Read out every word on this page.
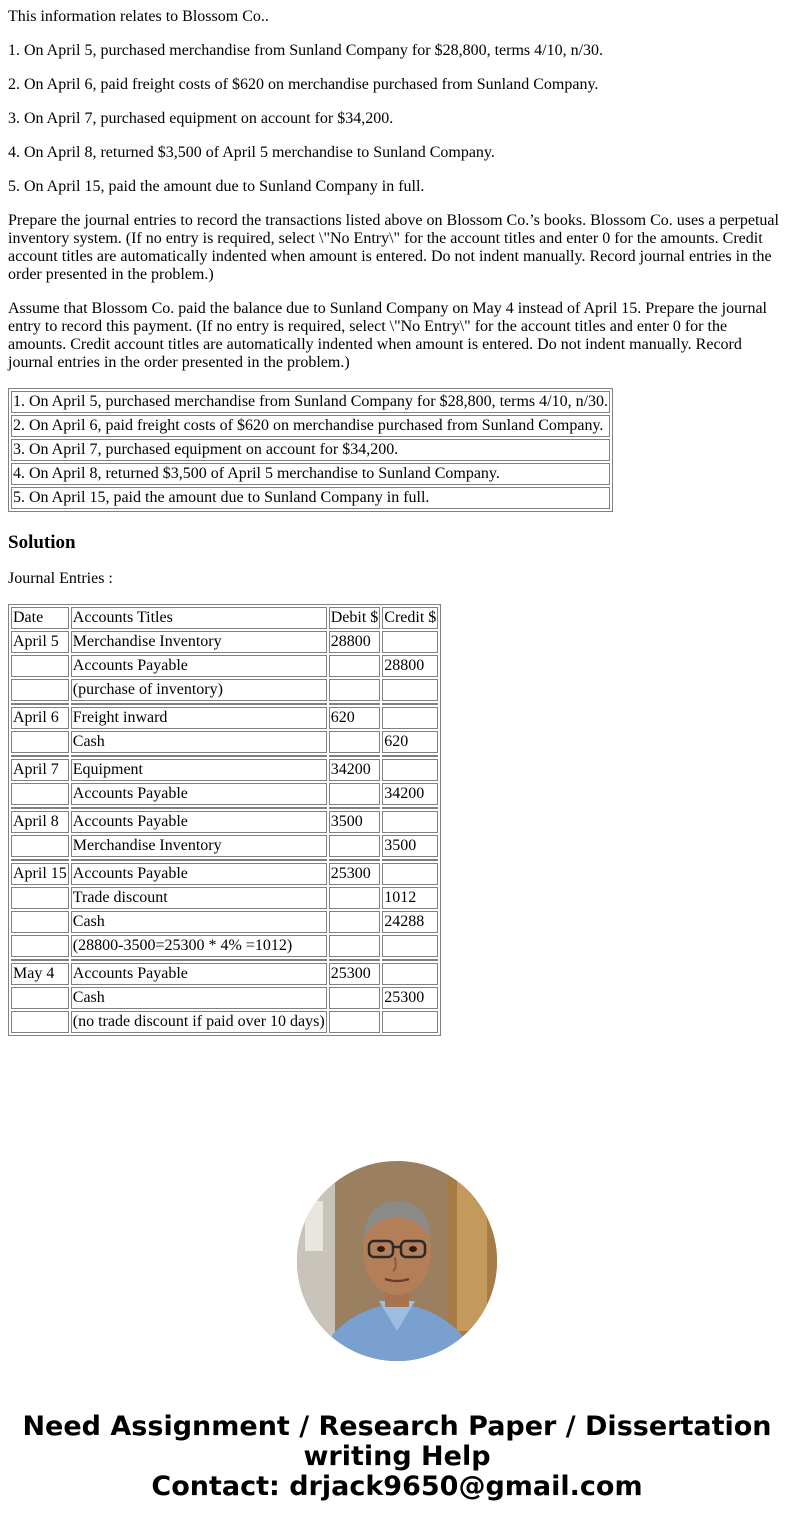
This information relates to Blossom Co..

1. On April 5, purchased merchandise from Sunland Company for $28,800, terms 4/10, n/30.

2. On April 6, paid freight costs of $620 on merchandise purchased from Sunland Company.

3. On April 7, purchased equipment on account for $34,200.

4. On April 8, returned $3,500 of April 5 merchandise to Sunland Company.

5. On April 15, paid the amount due to Sunland Company in full.

Prepare the journal entries to record the transactions listed above on Blossom Co.’s books. Blossom Co. uses a perpetual inventory system. (If no entry is required, select \"No Entry\" for the account titles and enter 0 for the amounts. Credit account titles are automatically indented when amount is entered. Do not indent manually. Record journal entries in the order presented in the problem.)

Assume that Blossom Co. paid the balance due to Sunland Company on May 4 instead of April 15. Prepare the journal entry to record this payment. (If no entry is required, select \"No Entry\" for the account titles and enter 0 for the amounts. Credit account titles are automatically indented when amount is entered. Do not indent manually. Record journal entries in the order presented in the problem.)

1. On April 5, purchased merchandise from Sunland Company for $28,800, terms 4/10, n/30.
2. On April 6, paid freight costs of $620 on merchandise purchased from Sunland Company.
3. On April 7, purchased equipment on account for $34,200.
4. On April 8, returned $3,500 of April 5 merchandise to Sunland Company.
5. On April 15, paid the amount due to Sunland Company in full.
Solution

Journal Entries :

Date	Accounts Titles	Debit $	Credit $
April 5	Merchandise Inventory	28800	
	Accounts Payable		28800
	(purchase of inventory)		

April 6	Freight inward	620	
	Cash		620

April 7	Equipment	34200	
	Accounts Payable		34200

April 8	Accounts Payable	3500	
	Merchandise Inventory		3500

April 15	Accounts Payable	25300	
	Trade discount		1012
	Cash		24288
	(28800-3500=25300 * 4% =1012)		

May 4	Accounts Payable	25300	
	Cash		25300
	(no trade discount if paid over 10 days)		
Need Assignment / Research Paper / Dissertation
writing Help
Contact: drjack9650@gmail.com
